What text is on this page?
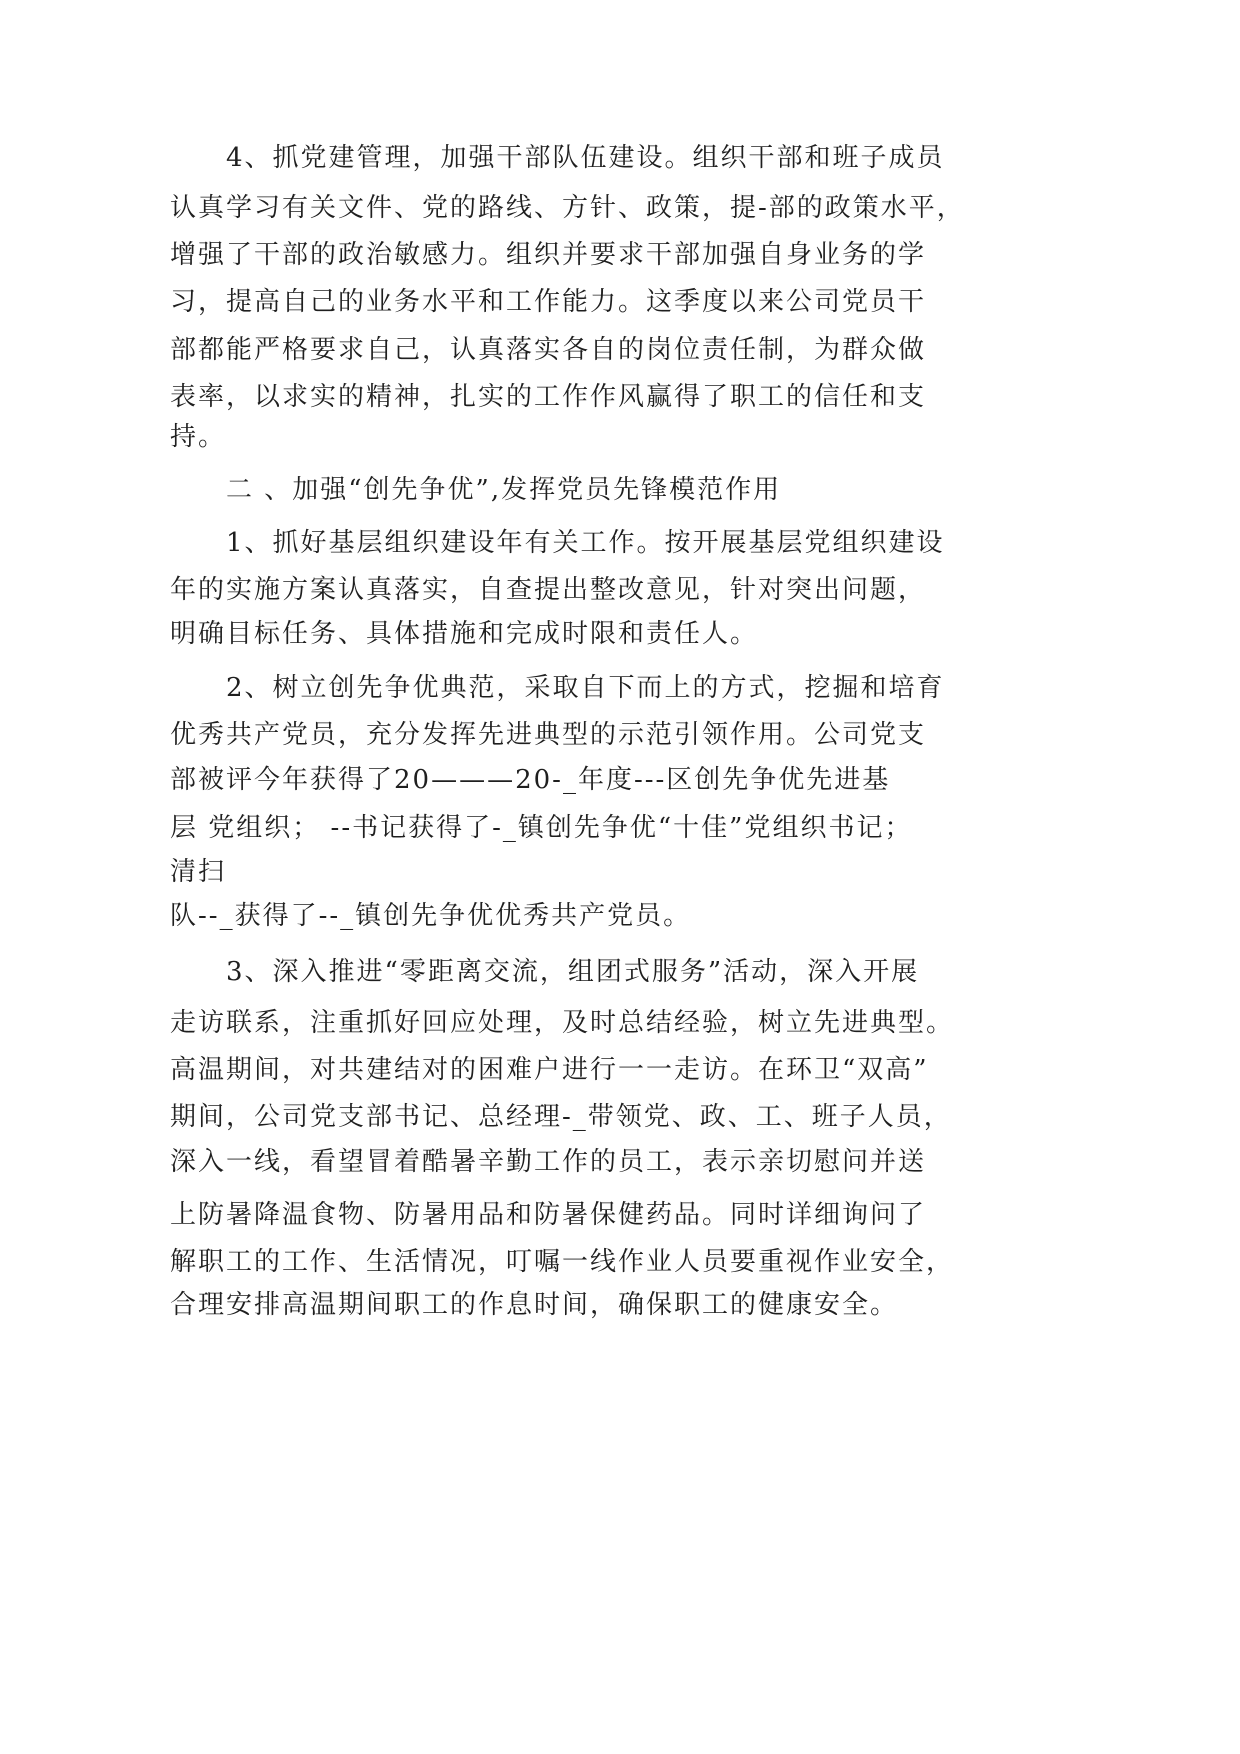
4、抓党建管理，加强干部队伍建设。组织干部和班子成员
认真学习有关文件、党的路线、方针、政策，提-部的政策水平，
增强了干部的政治敏感力。组织并要求干部加强自身业务的学
习，提高自己的业务水平和工作能力。这季度以来公司党员干
部都能严格要求自己，认真落实各自的岗位责任制，为群众做
表率，以求实的精神，扎实的工作作风赢得了职工的信任和支
持。
二 、加强“创先争优”,发挥党员先锋模范作用
1、抓好基层组织建设年有关工作。按开展基层党组织建设
年的实施方案认真落实，自查提出整改意见，针对突出问题，
明确目标任务、具体措施和完成时限和责任人。
2、树立创先争优典范，采取自下而上的方式，挖掘和培育
优秀共产党员，充分发挥先进典型的示范引领作用。公司党支
部被评今年获得了20———20-_年度---区创先争优先进基
层 党组织； --书记获得了-_镇创先争优“十佳”党组织书记；
清扫
队--_获得了--_镇创先争优优秀共产党员。
3、深入推进“零距离交流，组团式服务”活动，深入开展
走访联系，注重抓好回应处理，及时总结经验，树立先进典型。
高温期间，对共建结对的困难户进行一一走访。在环卫“双高”
期间，公司党支部书记、总经理-_带领党、政、工、班子人员，
深入一线，看望冒着酷暑辛勤工作的员工，表示亲切慰问并送
上防暑降温食物、防暑用品和防暑保健药品。同时详细询问了
解职工的工作、生活情况，叮嘱一线作业人员要重视作业安全，
合理安排高温期间职工的作息时间，确保职工的健康安全。
